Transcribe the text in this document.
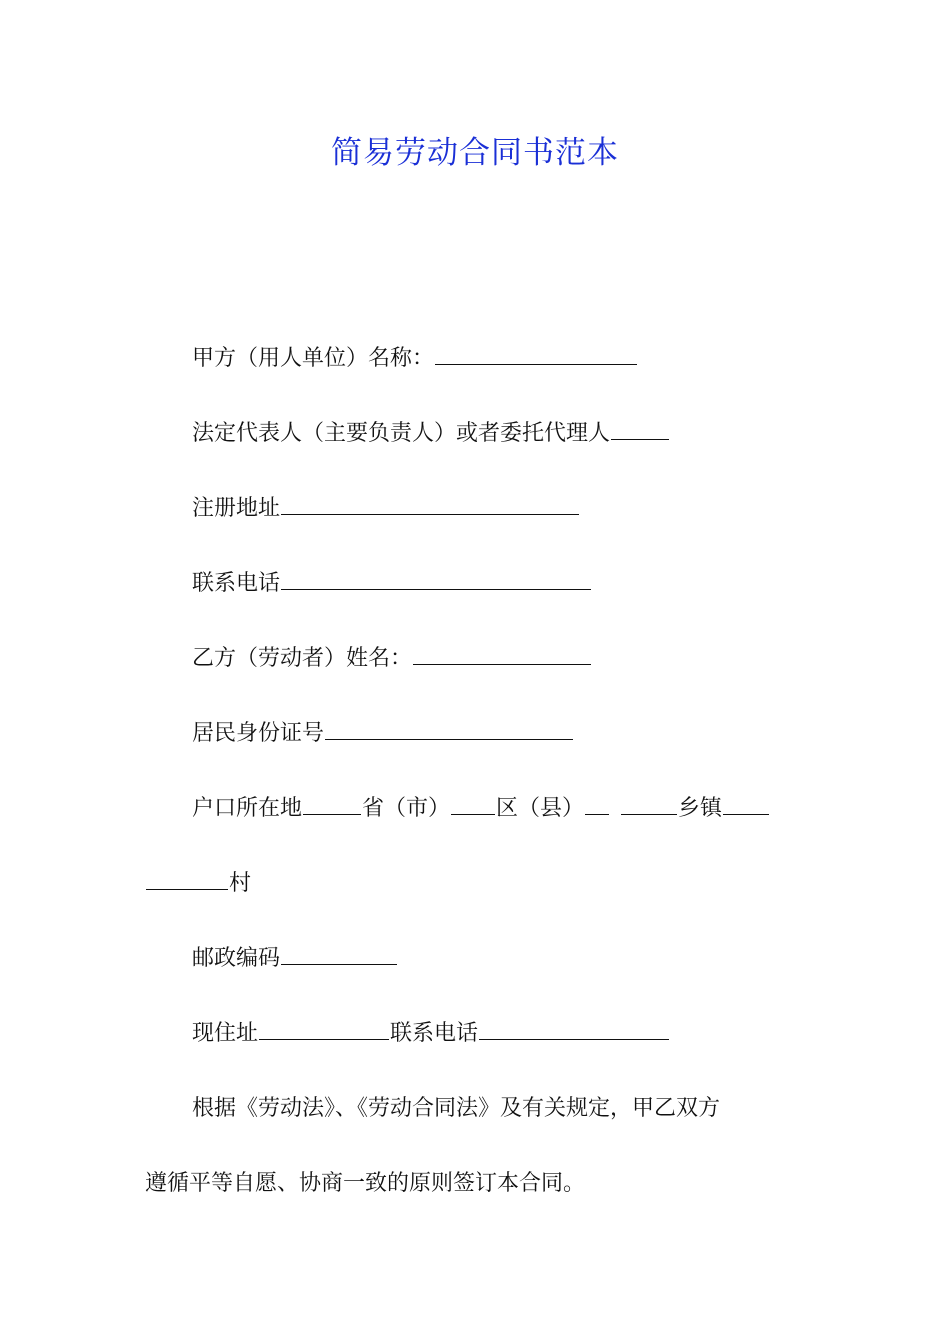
简易劳动合同书范本
甲方（用人单位）名称：
法定代表人（主要负责人）或者委托代理人
注册地址
联系电话
乙方（劳动者）姓名：
居民身份证号
户口所在地	省（市） 区（县）	乡镇
村
邮政编码
现住址	联系电话
根据《劳动法》、《劳动合同法》及有关规定，甲乙双方
遵循平等自愿、协商一致的原则签订本合同。
